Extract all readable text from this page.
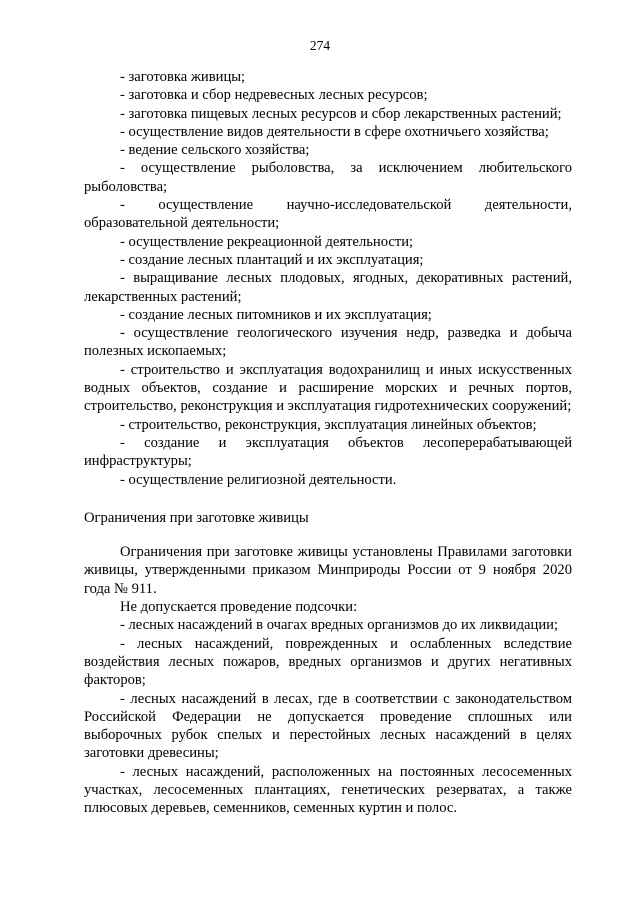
274

- заготовка живицы;

- заготовка и сбор недревесных лесных ресурсов;

- заготовка пищевых лесных ресурсов и сбор лекарственных растений;

- осуществление видов деятельности в сфере охотничьего хозяйства;

- ведение сельского хозяйства;

- осуществление рыболовства, за исключением любительского рыболовства;

- осуществление научно-исследовательской деятельности, образовательной деятельности;

- осуществление рекреационной деятельности;

- создание лесных плантаций и их эксплуатация;

- выращивание лесных плодовых, ягодных, декоративных растений, лекарственных растений;

- создание лесных питомников и их эксплуатация;

- осуществление геологического изучения недр, разведка и добыча полезных ископаемых;

- строительство и эксплуатация водохранилищ и иных искусственных водных объектов, создание и расширение морских и речных портов, строительство, реконструкция и эксплуатация гидротехнических сооружений;

- строительство, реконструкция, эксплуатация линейных объектов;

- создание и эксплуатация объектов лесоперерабатывающей инфраструктуры;

- осуществление религиозной деятельности.

Ограничения при заготовке живицы

Ограничения при заготовке живицы установлены Правилами заготовки живицы, утвержденными приказом Минприроды России от 9 ноября 2020 года № 911.

Не допускается проведение подсочки:

- лесных насаждений в очагах вредных организмов до их ликвидации;

- лесных насаждений, поврежденных и ослабленных вследствие воздействия лесных пожаров, вредных организмов и других негативных факторов;

- лесных насаждений в лесах, где в соответствии с законодательством Российской Федерации не допускается проведение сплошных или выборочных рубок спелых и перестойных лесных насаждений в целях заготовки древесины;

- лесных насаждений, расположенных на постоянных лесосеменных участках, лесосеменных плантациях, генетических резерватах, а также плюсовых деревьев, семенников, семенных куртин и полос.
